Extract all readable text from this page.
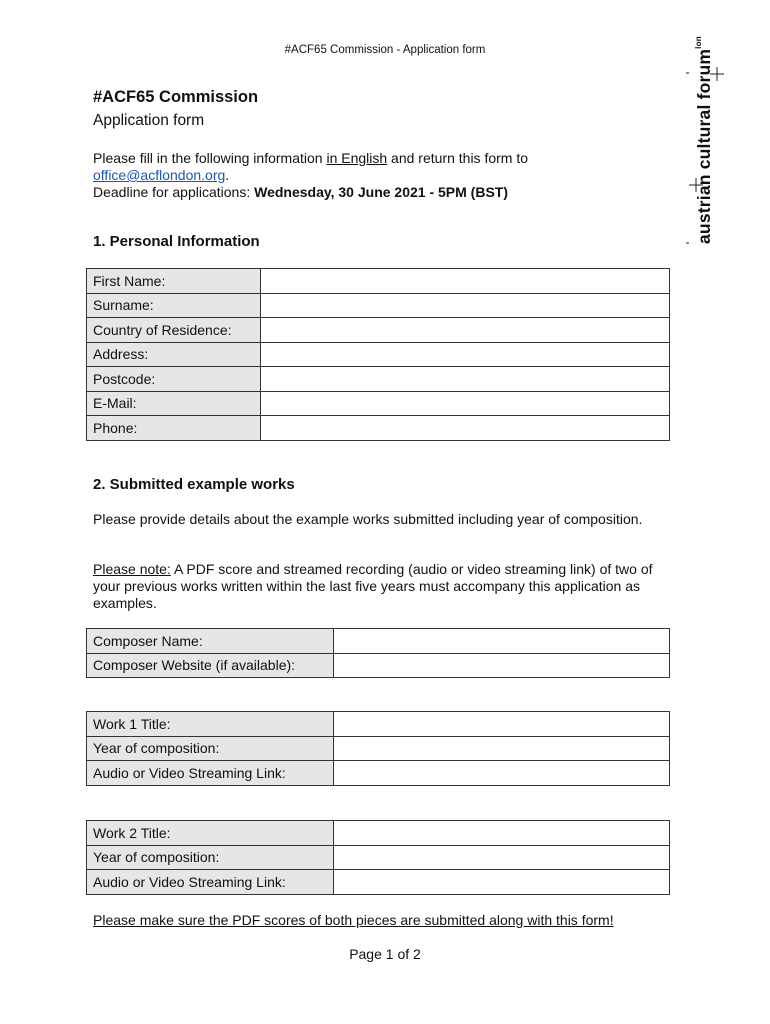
#ACF65 Commission - Application form	austrian cultural forum$^{lon}$
#ACF65 Commission
Application form
Please fill in the following information in English and return this form to
office@acflondon.org.
Deadline for applications: Wednesday, 30 June 2021 - 5PM (BST)
1. Personal Information
First Name:	
Surname:	
Country of Residence:	
Address:	
Postcode:	
E-Mail:	
Phone:	
2. Submitted example works
Please provide details about the example works submitted including year of composition.
Please note: A PDF score and streamed recording (audio or video streaming link) of two of your previous works written within the last five years must accompany this application as examples.
Composer Name:	
Composer Website (if available):	
Work 1 Title:	
Year of composition:	
Audio or Video Streaming Link:	
Work 2 Title:	
Year of composition:	
Audio or Video Streaming Link:	
Please make sure the PDF scores of both pieces are submitted along with this form!
Page 1 of 2
